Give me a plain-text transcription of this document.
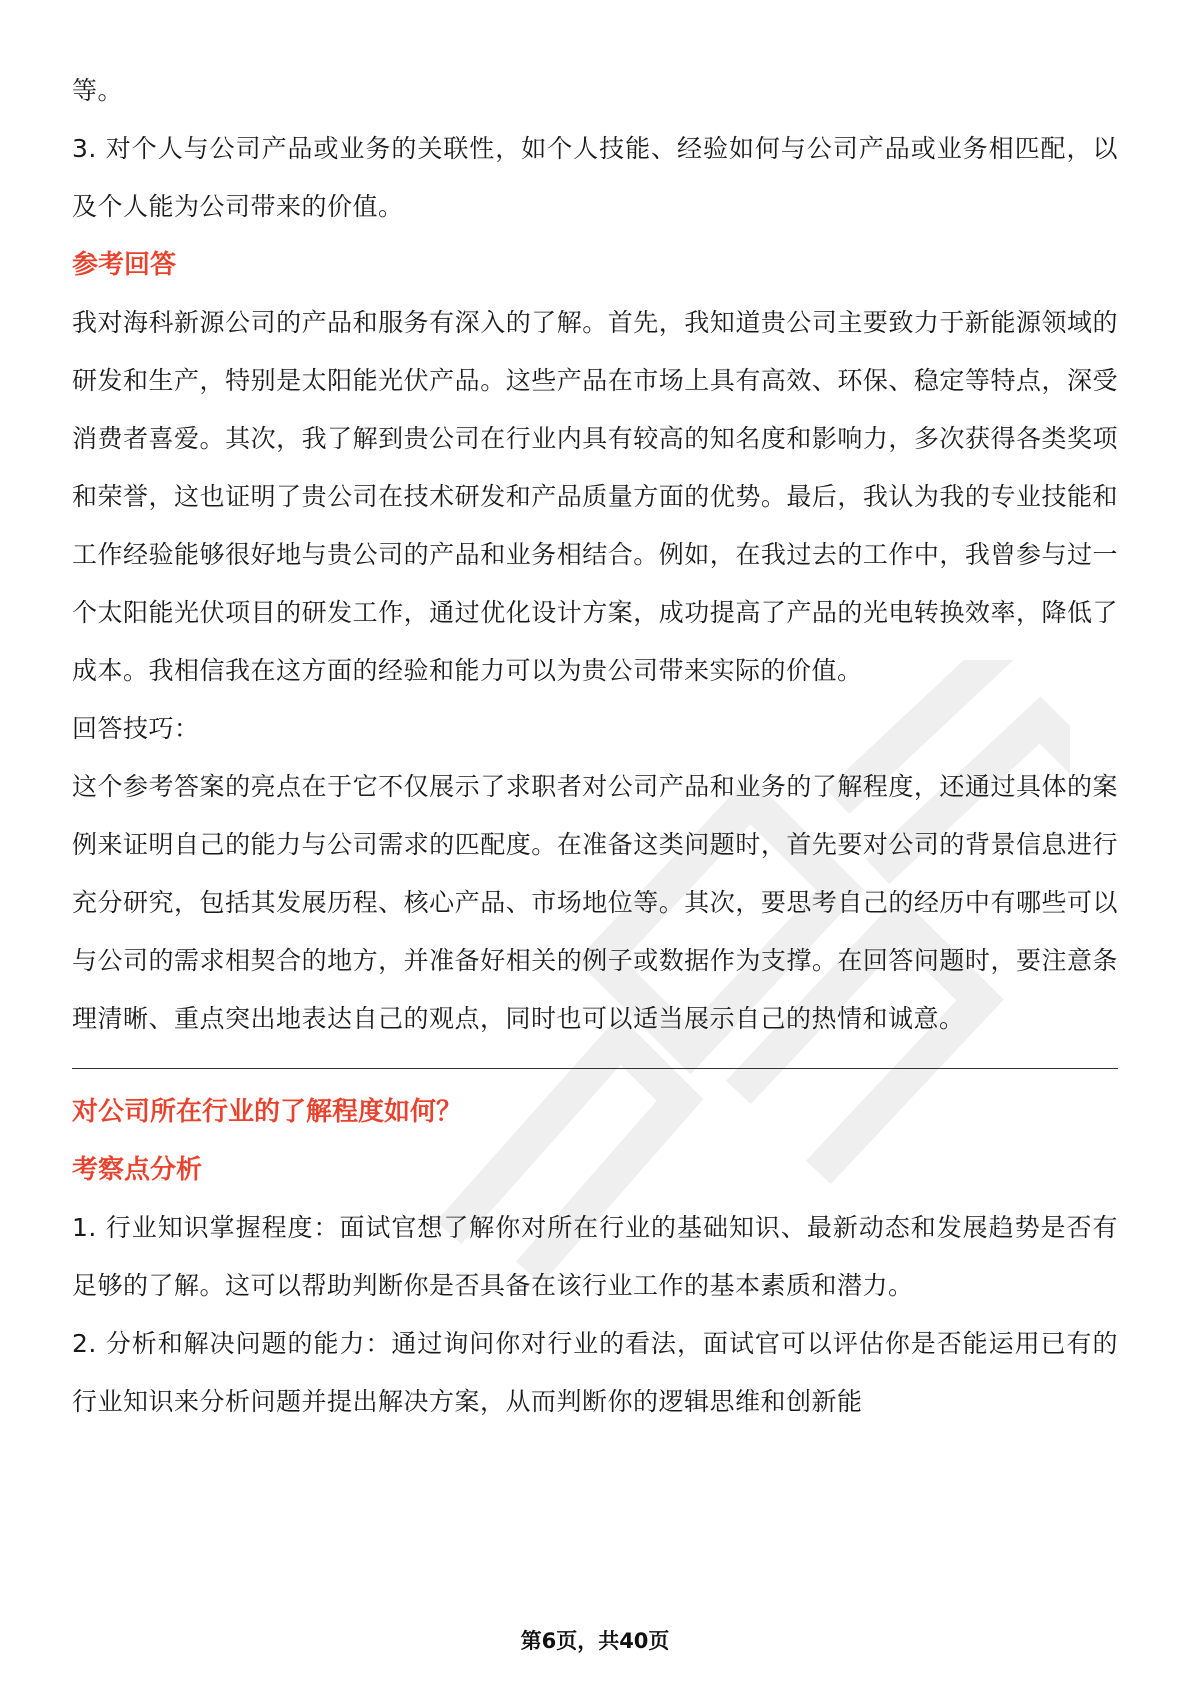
等。

3. 对个人与公司产品或业务的关联性，如个人技能、经验如何与公司产品或业务相匹配，以及个人能为公司带来的价值。

参考回答

我对海科新源公司的产品和服务有深入的了解。首先，我知道贵公司主要致力于新能源领域的研发和生产，特别是太阳能光伏产品。这些产品在市场上具有高效、环保、稳定等特点，深受消费者喜爱。其次，我了解到贵公司在行业内具有较高的知名度和影响力，多次获得各类奖项和荣誉，这也证明了贵公司在技术研发和产品质量方面的优势。最后，我认为我的专业技能和工作经验能够很好地与贵公司的产品和业务相结合。例如，在我过去的工作中，我曾参与过一个太阳能光伏项目的研发工作，通过优化设计方案，成功提高了产品的光电转换效率，降低了成本。我相信我在这方面的经验和能力可以为贵公司带来实际的价值。

回答技巧：

这个参考答案的亮点在于它不仅展示了求职者对公司产品和业务的了解程度，还通过具体的案例来证明自己的能力与公司需求的匹配度。在准备这类问题时，首先要对公司的背景信息进行充分研究，包括其发展历程、核心产品、市场地位等。其次，要思考自己的经历中有哪些可以与公司的需求相契合的地方，并准备好相关的例子或数据作为支撑。在回答问题时，要注意条理清晰、重点突出地表达自己的观点，同时也可以适当展示自己的热情和诚意。

对公司所在行业的了解程度如何？

考察点分析

1. 行业知识掌握程度：面试官想了解你对所在行业的基础知识、最新动态和发展趋势是否有足够的了解。这可以帮助判断你是否具备在该行业工作的基本素质和潜力。

2. 分析和解决问题的能力：通过询问你对行业的看法，面试官可以评估你是否能运用已有的行业知识来分析问题并提出解决方案，从而判断你的逻辑思维和创新能

第6页，共40页
